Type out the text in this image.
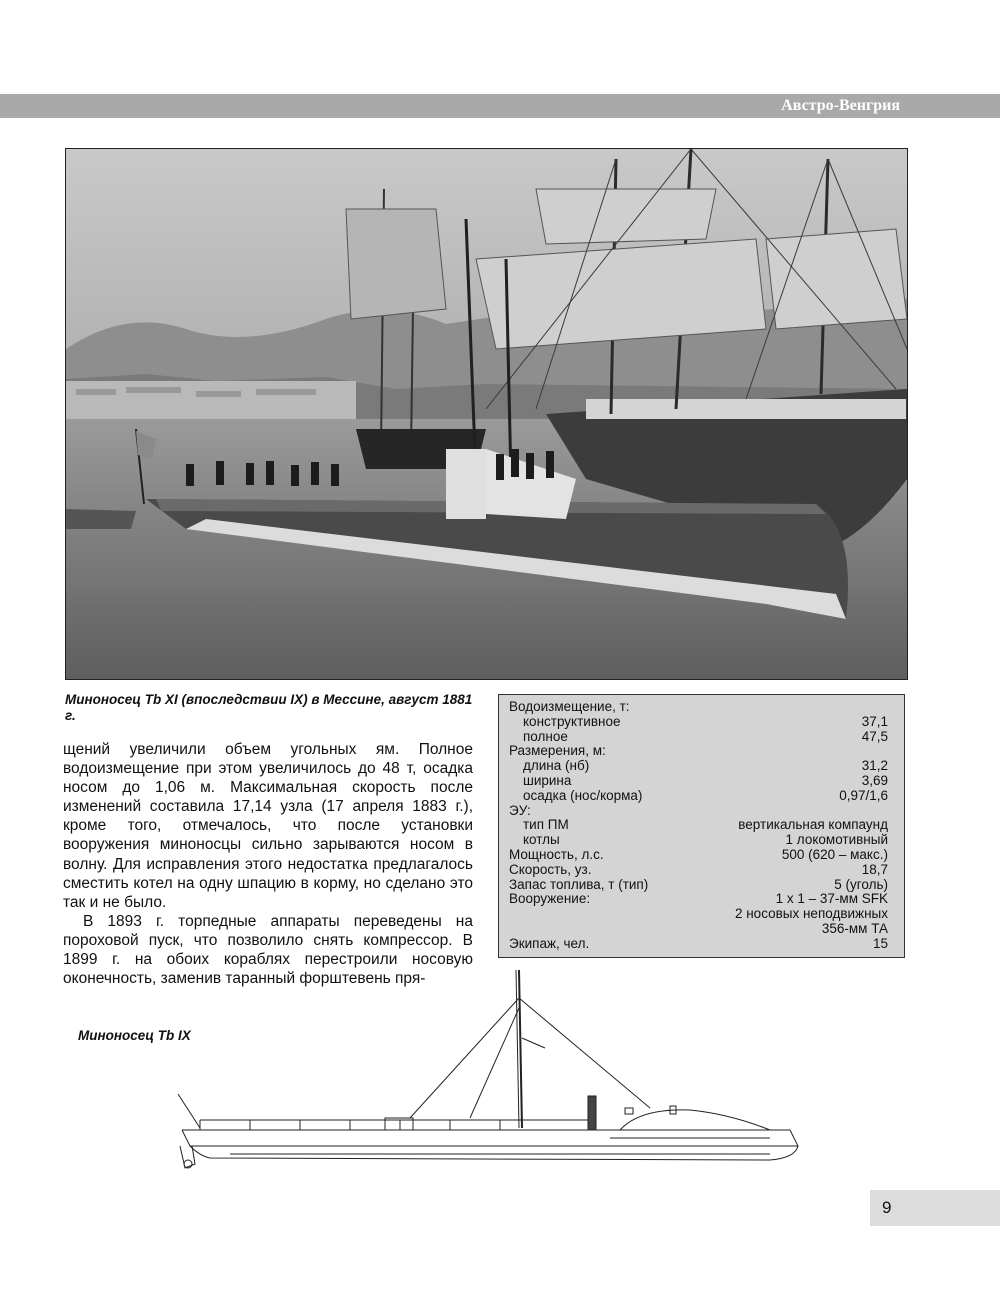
Австро-Венгрия
Миноносец Tb XI (впоследствии IX) в Мессине, август 1881 г.

щений увеличили объем угольных ям. Полное водоизмещение при этом увеличилось до 48 т, осадка носом до 1,06 м. Максимальная скорость после изменений составила 17,14 узла (17 апреля 1883 г.), кроме того, отмечалось, что после установки вооружения миноносцы сильно зарываются носом в волну. Для исправления этого недостатка предлагалось сместить котел на одну шпацию в корму, но сделано это так и не было.

В 1893 г. торпедные аппараты переведены на пороховой пуск, что позволило снять компрессор. В 1899 г. на обоих кораблях перестроили носовую оконечность, заменив таранный форштевень пря-

Водоизмещение, т:
конструктивное	37,1
полное	47,5
Размерения, м:
длина (нб)	31,2
ширина	3,69
осадка (нос/корма)	0,97/1,6
ЭУ:
тип ПМ	вертикальная компаунд
котлы	1 локомотивный
Мощность, л.с.	500 (620 – макс.)
Скорость, уз.	18,7
Запас топлива, т (тип)	5 (уголь)
Вооружение:	1 x 1 – 37-мм SFK
2 носовых неподвижных
356-мм ТА
Экипаж, чел.	15
Миноносец Tb IX
9
